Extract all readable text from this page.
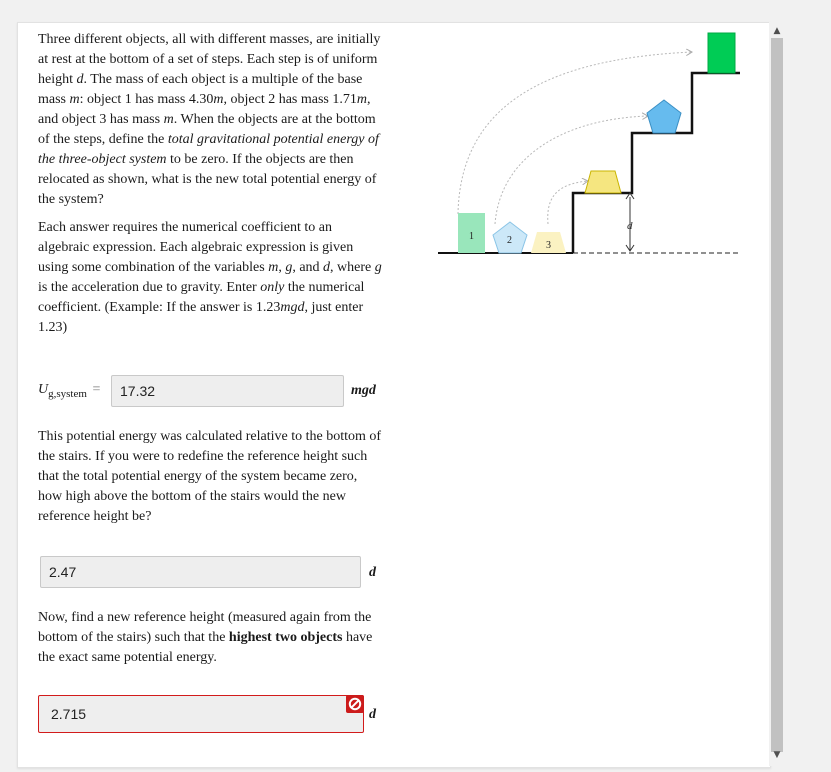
Three different objects, all with different masses, are initially at rest at the bottom of a set of steps. Each step is of uniform height d. The mass of each object is a multiple of the base mass m: object 1 has mass 4.30m, object 2 has mass 1.71m, and object 3 has mass m. When the objects are at the bottom of the steps, define the total gravitational potential energy of the three-object system to be zero. If the objects are then relocated as shown, what is the new total potential energy of the system?

Each answer requires the numerical coefficient to an algebraic expression. Each algebraic expression is given using some combination of the variables m, g, and d, where g is the acceleration due to gravity. Enter only the numerical coefficient. (Example: If the answer is 1.23mgd, just enter 1.23)

$U_{g,system}$ =	17.32	mgd

This potential energy was calculated relative to the bottom of the stairs. If you were to redefine the reference height such that the total potential energy of the system became zero, how high above the bottom of the stairs would the new reference height be?

2.47	d

Now, find a new reference height (measured again from the bottom of the stairs) such that the highest two objects have the exact same potential energy.

2.715	d
d
1	2	3
▲
▼
